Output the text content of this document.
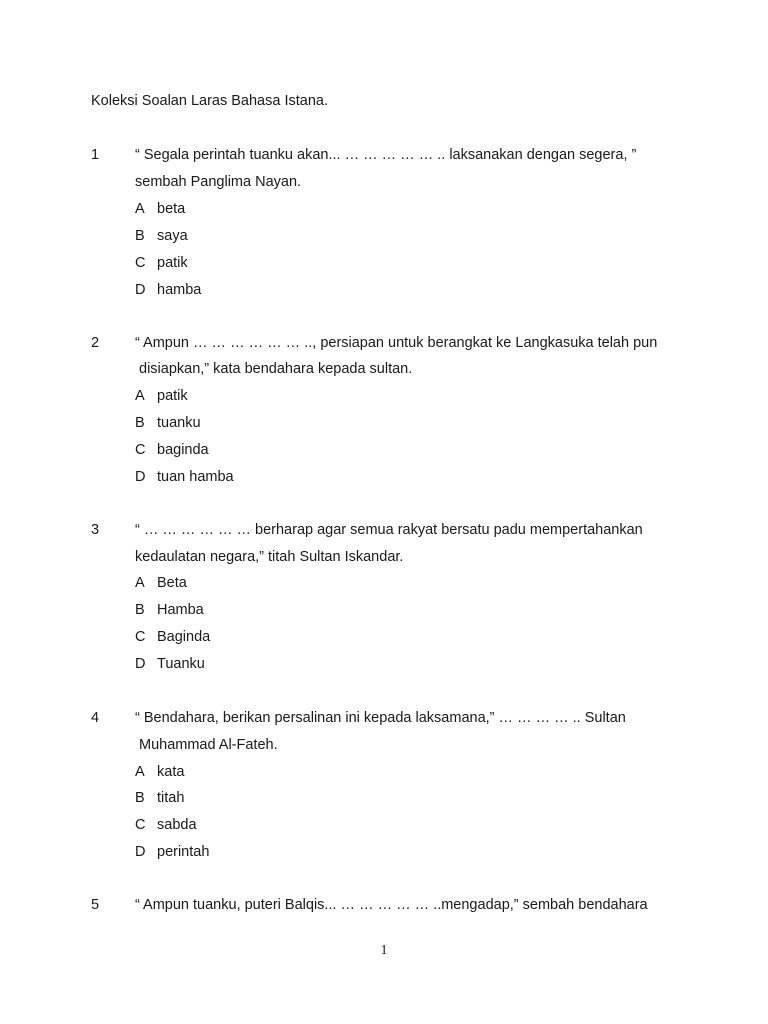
Koleksi Soalan Laras Bahasa Istana.
1 “ Segala perintah tuanku akan... … … … … … .. laksanakan dengan segera, ”
sembah Panglima Nayan.
A beta
B saya
C patik
D hamba
2 “ Ampun … … … … … … .., persiapan untuk berangkat ke Langkasuka telah pun
disiapkan,” kata bendahara kepada sultan.
A patik
B tuanku
C baginda
D tuan hamba
3 “ … … … … … … berharap agar semua rakyat bersatu padu mempertahankan
kedaulatan negara,” titah Sultan Iskandar.
A Beta
B Hamba
C Baginda
D Tuanku
4 “ Bendahara, berikan persalinan ini kepada laksamana,” … … … … .. Sultan
Muhammad Al-Fateh.
A kata
B titah
C sabda
D perintah
5 “ Ampun tuanku, puteri Balqis... … … … … … ..mengadap,” sembah bendahara
1
